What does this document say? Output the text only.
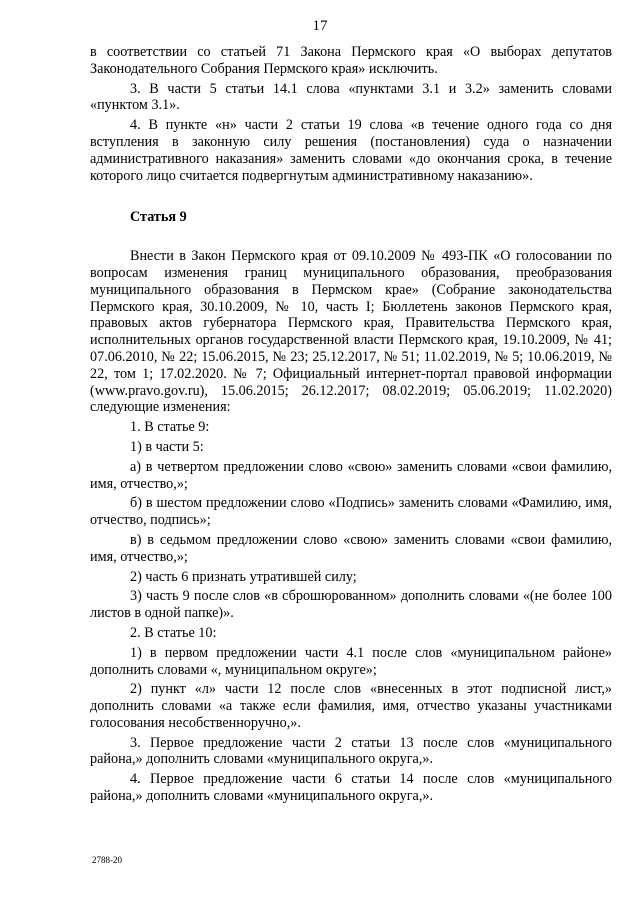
17

в соответствии со статьей 71 Закона Пермского края «О выборах депутатов Законодательного Собрания Пермского края» исключить.

3. В части 5 статьи 14.1 слова «пунктами 3.1 и 3.2» заменить словами «пунктом 3.1».

4. В пункте «н» части 2 статьи 19 слова «в течение одного года со дня вступления в законную силу решения (постановления) суда о назначении административного наказания» заменить словами «до окончания срока, в течение которого лицо считается подвергнутым административному наказанию».

Статья 9

Внести в Закон Пермского края от 09.10.2009 № 493-ПК «О голосовании по вопросам изменения границ муниципального образования, преобразования муниципального образования в Пермском крае» (Собрание законодательства Пермского края, 30.10.2009, № 10, часть I; Бюллетень законов Пермского края, правовых актов губернатора Пермского края, Правительства Пермского края, исполнительных органов государственной власти Пермского края, 19.10.2009, № 41; 07.06.2010, № 22; 15.06.2015, № 23; 25.12.2017, № 51; 11.02.2019, № 5; 10.06.2019, № 22, том 1; 17.02.2020. № 7; Официальный интернет-портал правовой информации (www.pravo.gov.ru), 15.06.2015; 26.12.2017; 08.02.2019; 05.06.2019; 11.02.2020) следующие изменения:

1. В статье 9:

1) в части 5:

а) в четвертом предложении слово «свою» заменить словами «свои фамилию, имя, отчество,»;

б) в шестом предложении слово «Подпись» заменить словами «Фамилию, имя, отчество, подпись»;

в) в седьмом предложении слово «свою» заменить словами «свои фамилию, имя, отчество,»;

2) часть 6 признать утратившей силу;

3) часть 9 после слов «в сброшюрованном» дополнить словами «(не более 100 листов в одной папке)».

2. В статье 10:

1) в первом предложении части 4.1 после слов «муниципальном районе» дополнить словами «, муниципальном округе»;

2) пункт «л» части 12 после слов «внесенных в этот подписной лист,» дополнить словами «а также если фамилия, имя, отчество указаны участниками голосования несобственноручно,».

3. Первое предложение части 2 статьи 13 после слов «муниципального района,» дополнить словами «муниципального округа,».

4. Первое предложение части 6 статьи 14 после слов «муниципального района,» дополнить словами «муниципального округа,».

2788-20
